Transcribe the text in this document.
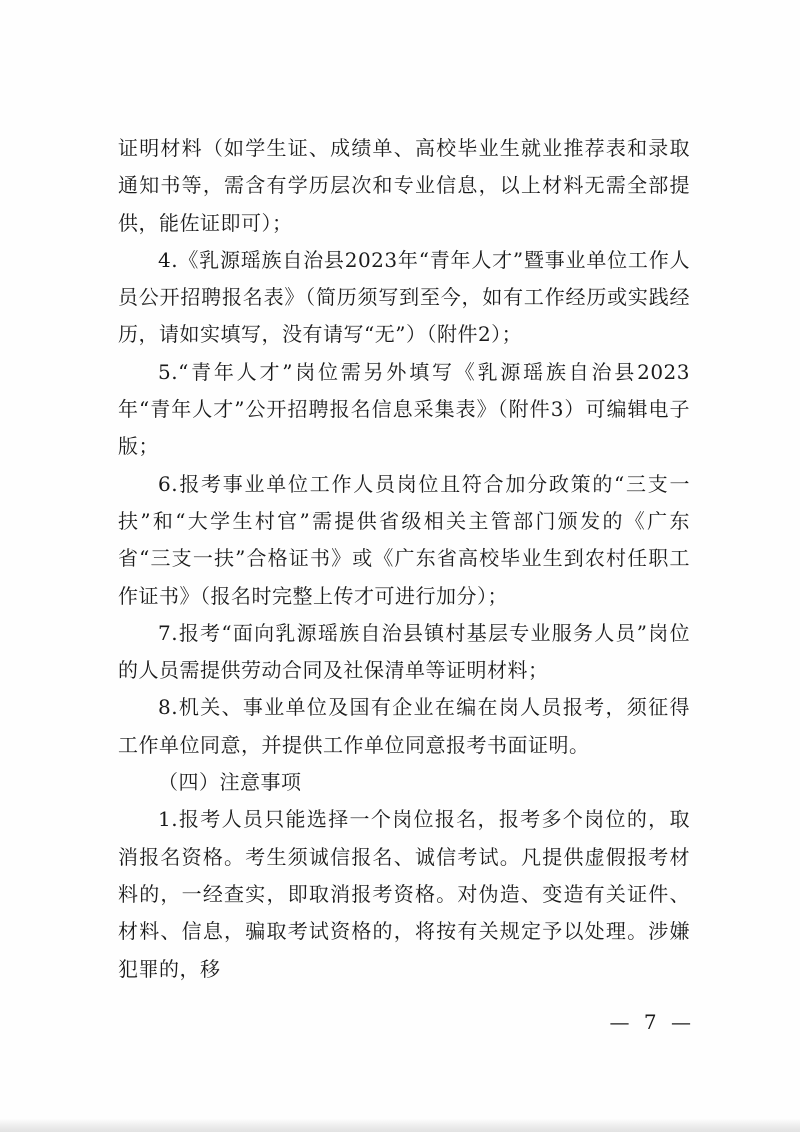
证明材料（如学生证、成绩单、高校毕业生就业推荐表和录取通知书等，需含有学历层次和专业信息，以上材料无需全部提供，能佐证即可）；

4.《乳源瑶族自治县2023年“青年人才”暨事业单位工作人员公开招聘报名表》（简历须写到至今，如有工作经历或实践经历，请如实填写，没有请写“无”）（附件2）；

5.“青年人才”岗位需另外填写《乳源瑶族自治县2023年“青年人才”公开招聘报名信息采集表》（附件3）可编辑电子版；

6.报考事业单位工作人员岗位且符合加分政策的“三支一扶”和“大学生村官”需提供省级相关主管部门颁发的《广东省“三支一扶”合格证书》或《广东省高校毕业生到农村任职工作证书》（报名时完整上传才可进行加分）；

7.报考“面向乳源瑶族自治县镇村基层专业服务人员”岗位的人员需提供劳动合同及社保清单等证明材料；

8.机关、事业单位及国有企业在编在岗人员报考，须征得工作单位同意，并提供工作单位同意报考书面证明。

（四）注意事项

1.报考人员只能选择一个岗位报名，报考多个岗位的，取消报名资格。考生须诚信报名、诚信考试。凡提供虚假报考材料的，一经查实，即取消报考资格。对伪造、变造有关证件、材料、信息，骗取考试资格的，将按有关规定予以处理。涉嫌犯罪的，移

— 7 —
